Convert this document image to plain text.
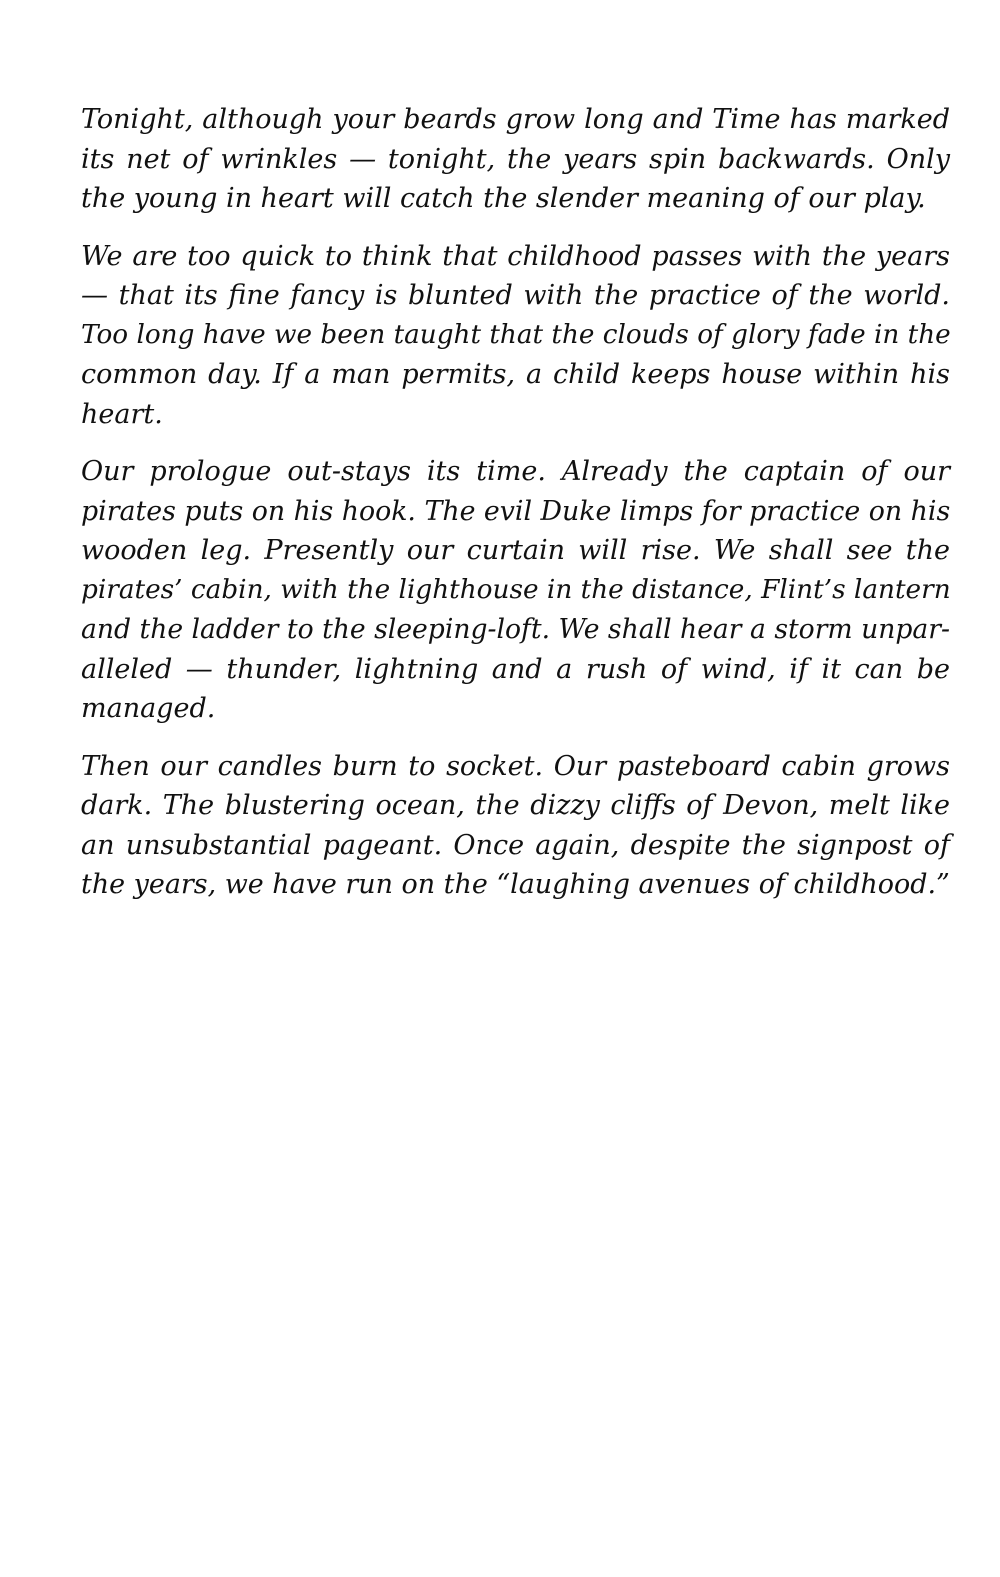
Tonight, although your beards grow long and Time has marked
its net of wrinkles — tonight, the years spin backwards. Only
the young in heart will catch the slender meaning of our play.

We are too quick to think that childhood passes with the years
— that its fine fancy is blunted with the practice of the world.
Too long have we been taught that the clouds of glory fade in the
common day. If a man permits, a child keeps house within his
heart.

Our prologue out-stays its time. Already the captain of our
pirates puts on his hook. The evil Duke limps for practice on his
wooden leg. Presently our curtain will rise. We shall see the
pirates’ cabin, with the lighthouse in the distance, Flint’s lantern
and the ladder to the sleeping-loft. We shall hear a storm unpar-
alleled — thunder, lightning and a rush of wind, if it can be
managed.

Then our candles burn to socket. Our pasteboard cabin grows
dark. The blustering ocean, the dizzy cliffs of Devon, melt like
an unsubstantial pageant. Once again, despite the signpost of
the years, we have run on the “laughing avenues of childhood.”
